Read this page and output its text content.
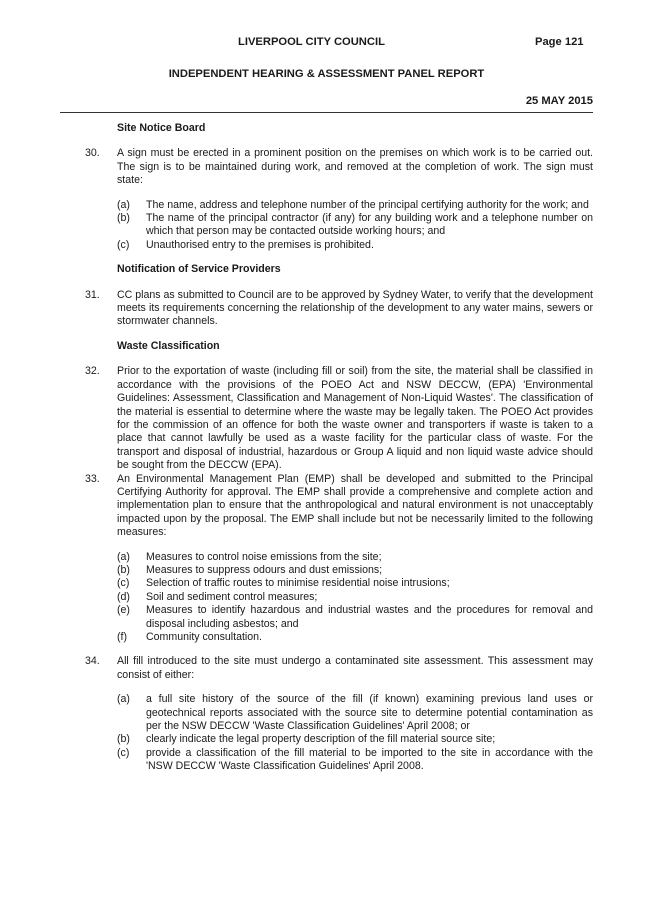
LIVERPOOL CITY COUNCIL	Page 121
INDEPENDENT HEARING & ASSESSMENT PANEL REPORT
25 MAY 2015

Site Notice Board

30. A sign must be erected in a prominent position on the premises on which work is to be carried out. The sign is to be maintained during work, and removed at the completion of work. The sign must state:
(a) The name, address and telephone number of the principal certifying authority for the work; and
(b) The name of the principal contractor (if any) for any building work and a telephone number on which that person may be contacted outside working hours; and
(c) Unauthorised entry to the premises is prohibited.

Notification of Service Providers

31. CC plans as submitted to Council are to be approved by Sydney Water, to verify that the development meets its requirements concerning the relationship of the development to any water mains, sewers or stormwater channels.

Waste Classification

32. Prior to the exportation of waste (including fill or soil) from the site, the material shall be classified in accordance with the provisions of the POEO Act and NSW DECCW, (EPA) 'Environmental Guidelines: Assessment, Classification and Management of Non-Liquid Wastes'. The classification of the material is essential to determine where the waste may be legally taken. The POEO Act provides for the commission of an offence for both the waste owner and transporters if waste is taken to a place that cannot lawfully be used as a waste facility for the particular class of waste. For the transport and disposal of industrial, hazardous or Group A liquid and non liquid waste advice should be sought from the DECCW (EPA).
33. An Environmental Management Plan (EMP) shall be developed and submitted to the Principal Certifying Authority for approval. The EMP shall provide a comprehensive and complete action and implementation plan to ensure that the anthropological and natural environment is not unacceptably impacted upon by the proposal. The EMP shall include but not be necessarily limited to the following measures:
(a) Measures to control noise emissions from the site;
(b) Measures to suppress odours and dust emissions;
(c) Selection of traffic routes to minimise residential noise intrusions;
(d) Soil and sediment control measures;
(e) Measures to identify hazardous and industrial wastes and the procedures for removal and disposal including asbestos; and
(f) Community consultation.
34. All fill introduced to the site must undergo a contaminated site assessment. This assessment may consist of either:
(a) a full site history of the source of the fill (if known) examining previous land uses or geotechnical reports associated with the source site to determine potential contamination as per the NSW DECCW 'Waste Classification Guidelines' April 2008; or
(b) clearly indicate the legal property description of the fill material source site;
(c) provide a classification of the fill material to be imported to the site in accordance with the 'NSW DECCW 'Waste Classification Guidelines' April 2008.
